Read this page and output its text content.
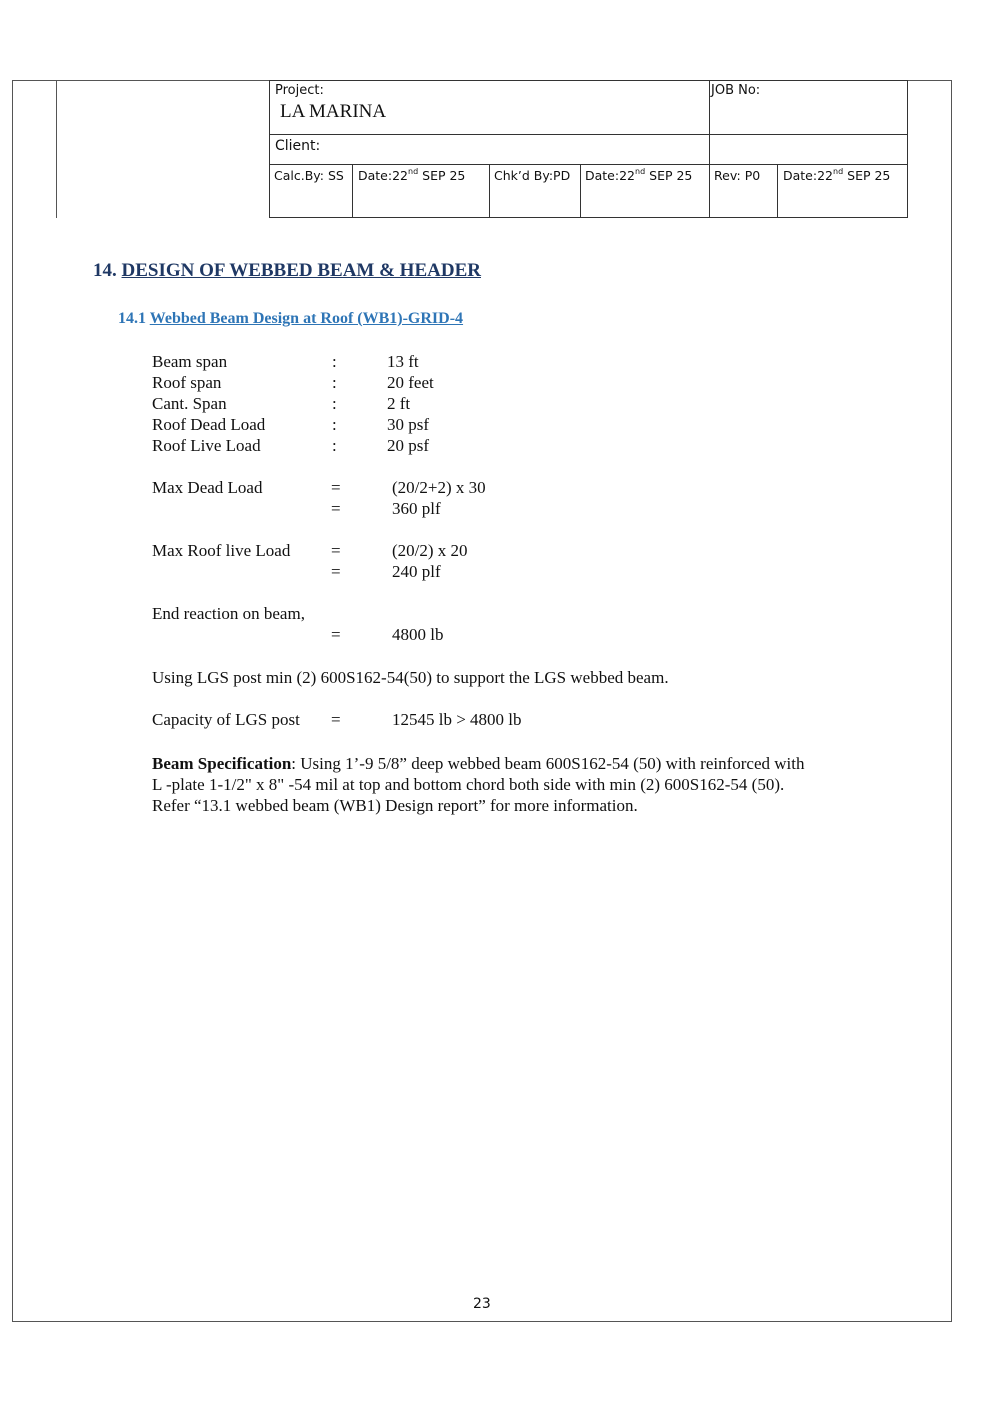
Project:
LA MARINA
JOB No:
Client:
Calc.By: SS Date:22nd SEP 25 Chk’d By:PD Date:22nd SEP 25 Rev: P0 Date:22nd SEP 25
14. DESIGN OF WEBBED BEAM & HEADER
14.1 Webbed Beam Design at Roof (WB1)-GRID-4
Beam span	:	13 ft
Roof span	:	20 feet
Cant. Span	:	2 ft
Roof Dead Load	:	30 psf
Roof Live Load	:	20 psf
Max Dead Load	=	(20/2+2) x 30
=	360 plf
Max Roof live Load =	(20/2) x 20
=	240 plf
End reaction on beam,
=	4800 lb
Using LGS post min (2) 600S162-54(50) to support the LGS webbed beam.
Capacity of LGS post =	12545 lb > 4800 lb
Beam Specification: Using 1’-9 5/8” deep webbed beam 600S162-54 (50) with reinforced with
L -plate 1-1/2" x 8" -54 mil at top and bottom chord both side with min (2) 600S162-54 (50).
Refer “13.1 webbed beam (WB1) Design report” for more information.
23
